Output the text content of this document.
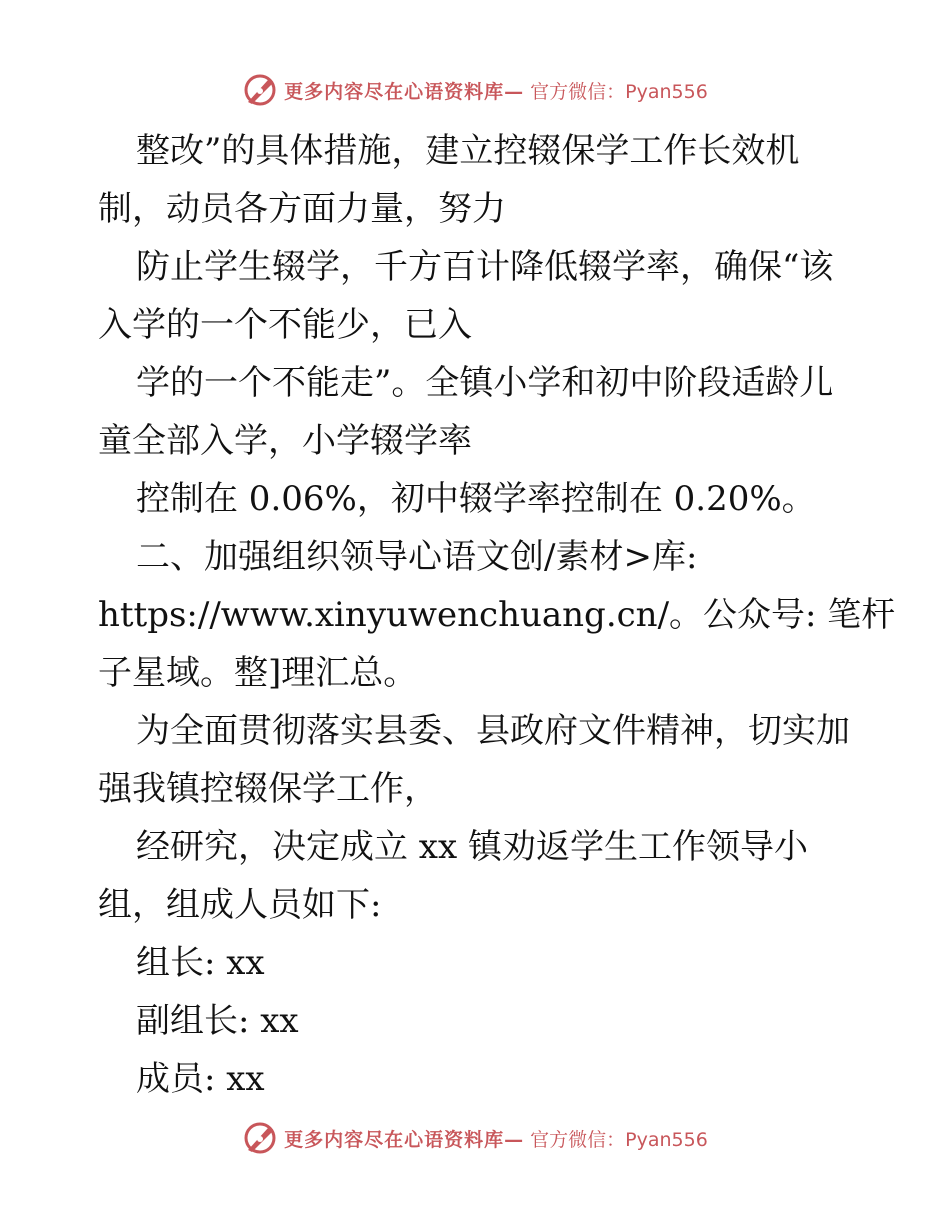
更多内容尽在心语资料库— 官方微信：Pyan556
整改”的具体措施，建立控辍保学工作长效机
制，动员各方面力量，努力
防止学生辍学，千方百计降低辍学率，确保“该
入学的一个不能少，已入
学的一个不能走”。全镇小学和初中阶段适龄儿
童全部入学，小学辍学率
控制在 0.06%，初中辍学率控制在 0.20%。
二、加强组织领导心语文创/素材>库:
https://www.xinyuwenchuang.cn/。公众号: 笔杆
子星域。整]理汇总。
为全面贯彻落实县委、县政府文件精神，切实加
强我镇控辍保学工作，
经研究，决定成立 xx 镇劝返学生工作领导小
组，组成人员如下:
组长: xx
副组长: xx
成员: xx
更多内容尽在心语资料库— 官方微信：Pyan556
